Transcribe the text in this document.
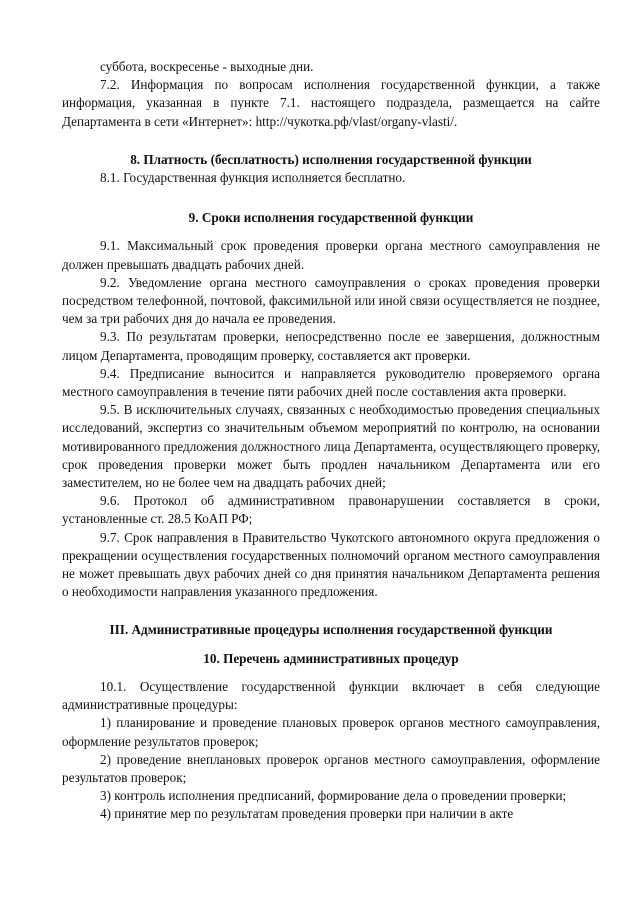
суббота, воскресенье - выходные дни.

7.2. Информация по вопросам исполнения государственной функции, а также информация, указанная в пункте 7.1. настоящего подраздела, размещается на сайте Департамента в сети «Интернет»: http://чукотка.рф/vlast/organy-vlasti/.

8. Платность (бесплатность) исполнения государственной функции

8.1. Государственная функция исполняется бесплатно.

9. Сроки исполнения государственной функции

9.1. Максимальный срок проведения проверки органа местного самоуправления не должен превышать двадцать рабочих дней.

9.2. Уведомление органа местного самоуправления о сроках проведения проверки посредством телефонной, почтовой, факсимильной или иной связи осуществляется не позднее, чем за три рабочих дня до начала ее проведения.

9.3. По результатам проверки, непосредственно после ее завершения, должностным лицом Департамента, проводящим проверку, составляется акт проверки.

9.4. Предписание выносится и направляется руководителю проверяемого органа местного самоуправления в течение пяти рабочих дней после составления акта проверки.

9.5. В исключительных случаях, связанных с необходимостью проведения специальных исследований, экспертиз со значительным объемом мероприятий по контролю, на основании мотивированного предложения должностного лица Департамента, осуществляющего проверку, срок проведения проверки может быть продлен начальником Департамента или его заместителем, но не более чем на двадцать рабочих дней;

9.6. Протокол об административном правонарушении составляется в сроки, установленные ст. 28.5 КоАП РФ;

9.7. Срок направления в Правительство Чукотского автономного округа предложения о прекращении осуществления государственных полномочий органом местного самоуправления не может превышать двух рабочих дней со дня принятия начальником Департамента решения о необходимости направления указанного предложения.

III. Административные процедуры исполнения государственной функции

10. Перечень административных процедур

10.1. Осуществление государственной функции включает в себя следующие административные процедуры:

1) планирование и проведение плановых проверок органов местного самоуправления, оформление результатов проверок;

2) проведение внеплановых проверок органов местного самоуправления, оформление результатов проверок;

3) контроль исполнения предписаний, формирование дела о проведении проверки;

4) принятие мер по результатам проведения проверки при наличии в акте
